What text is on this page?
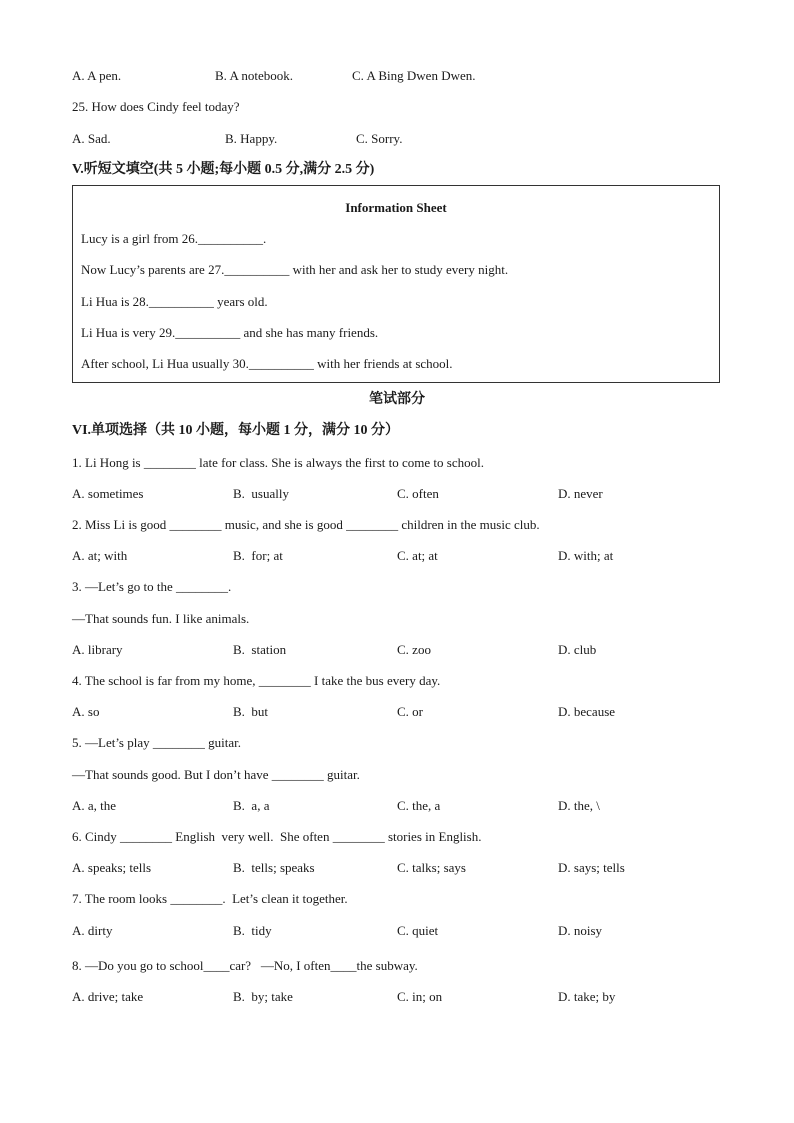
A. A pen.	B. A notebook.	C. A Bing Dwen Dwen.
25. How does Cindy feel today?
A. Sad.	B. Happy.	C. Sorry.
V.听短文填空(共 5 小题;每小题 0.5 分,满分 2.5 分)
Information Sheet
Lucy is a girl from 26.__________.
Now Lucy’s parents are 27.__________ with her and ask her to study every night.
Li Hua is 28.__________ years old.
Li Hua is very 29.__________ and she has many friends.
After school, Li Hua usually 30.__________ with her friends at school.
笔试部分
VI.单项选择（共 10 小题，每小题 1 分，满分 10 分）
1. Li Hong is ________ late for class. She is always the first to come to school.
A. sometimes	B.  usually	C. often	D. never
2. Miss Li is good ________ music, and she is good ________ children in the music club.
A. at; with	B.  for; at	C. at; at	D. with; at
3. —Let’s go to the ________.
—That sounds fun. I like animals.
A. library	B.  station	C. zoo	D. club
4. The school is far from my home, ________ I take the bus every day.
A. so	B.  but	C. or	D. because
5. —Let’s play ________ guitar.
—That sounds good. But I don’t have ________ guitar.
A. a, the	B.  a, a	C. the, a	D. the, \
6. Cindy ________ English  very well.  She often ________ stories in English.
A. speaks; tells	B.  tells; speaks	C. talks; says	D. says; tells
7. The room looks ________.  Let’s clean it together.
A. dirty	B.  tidy	C. quiet	D. noisy
8. —Do you go to school____car?   —No, I often____the subway.
A. drive; take	B.  by; take	C. in; on	D. take; by
